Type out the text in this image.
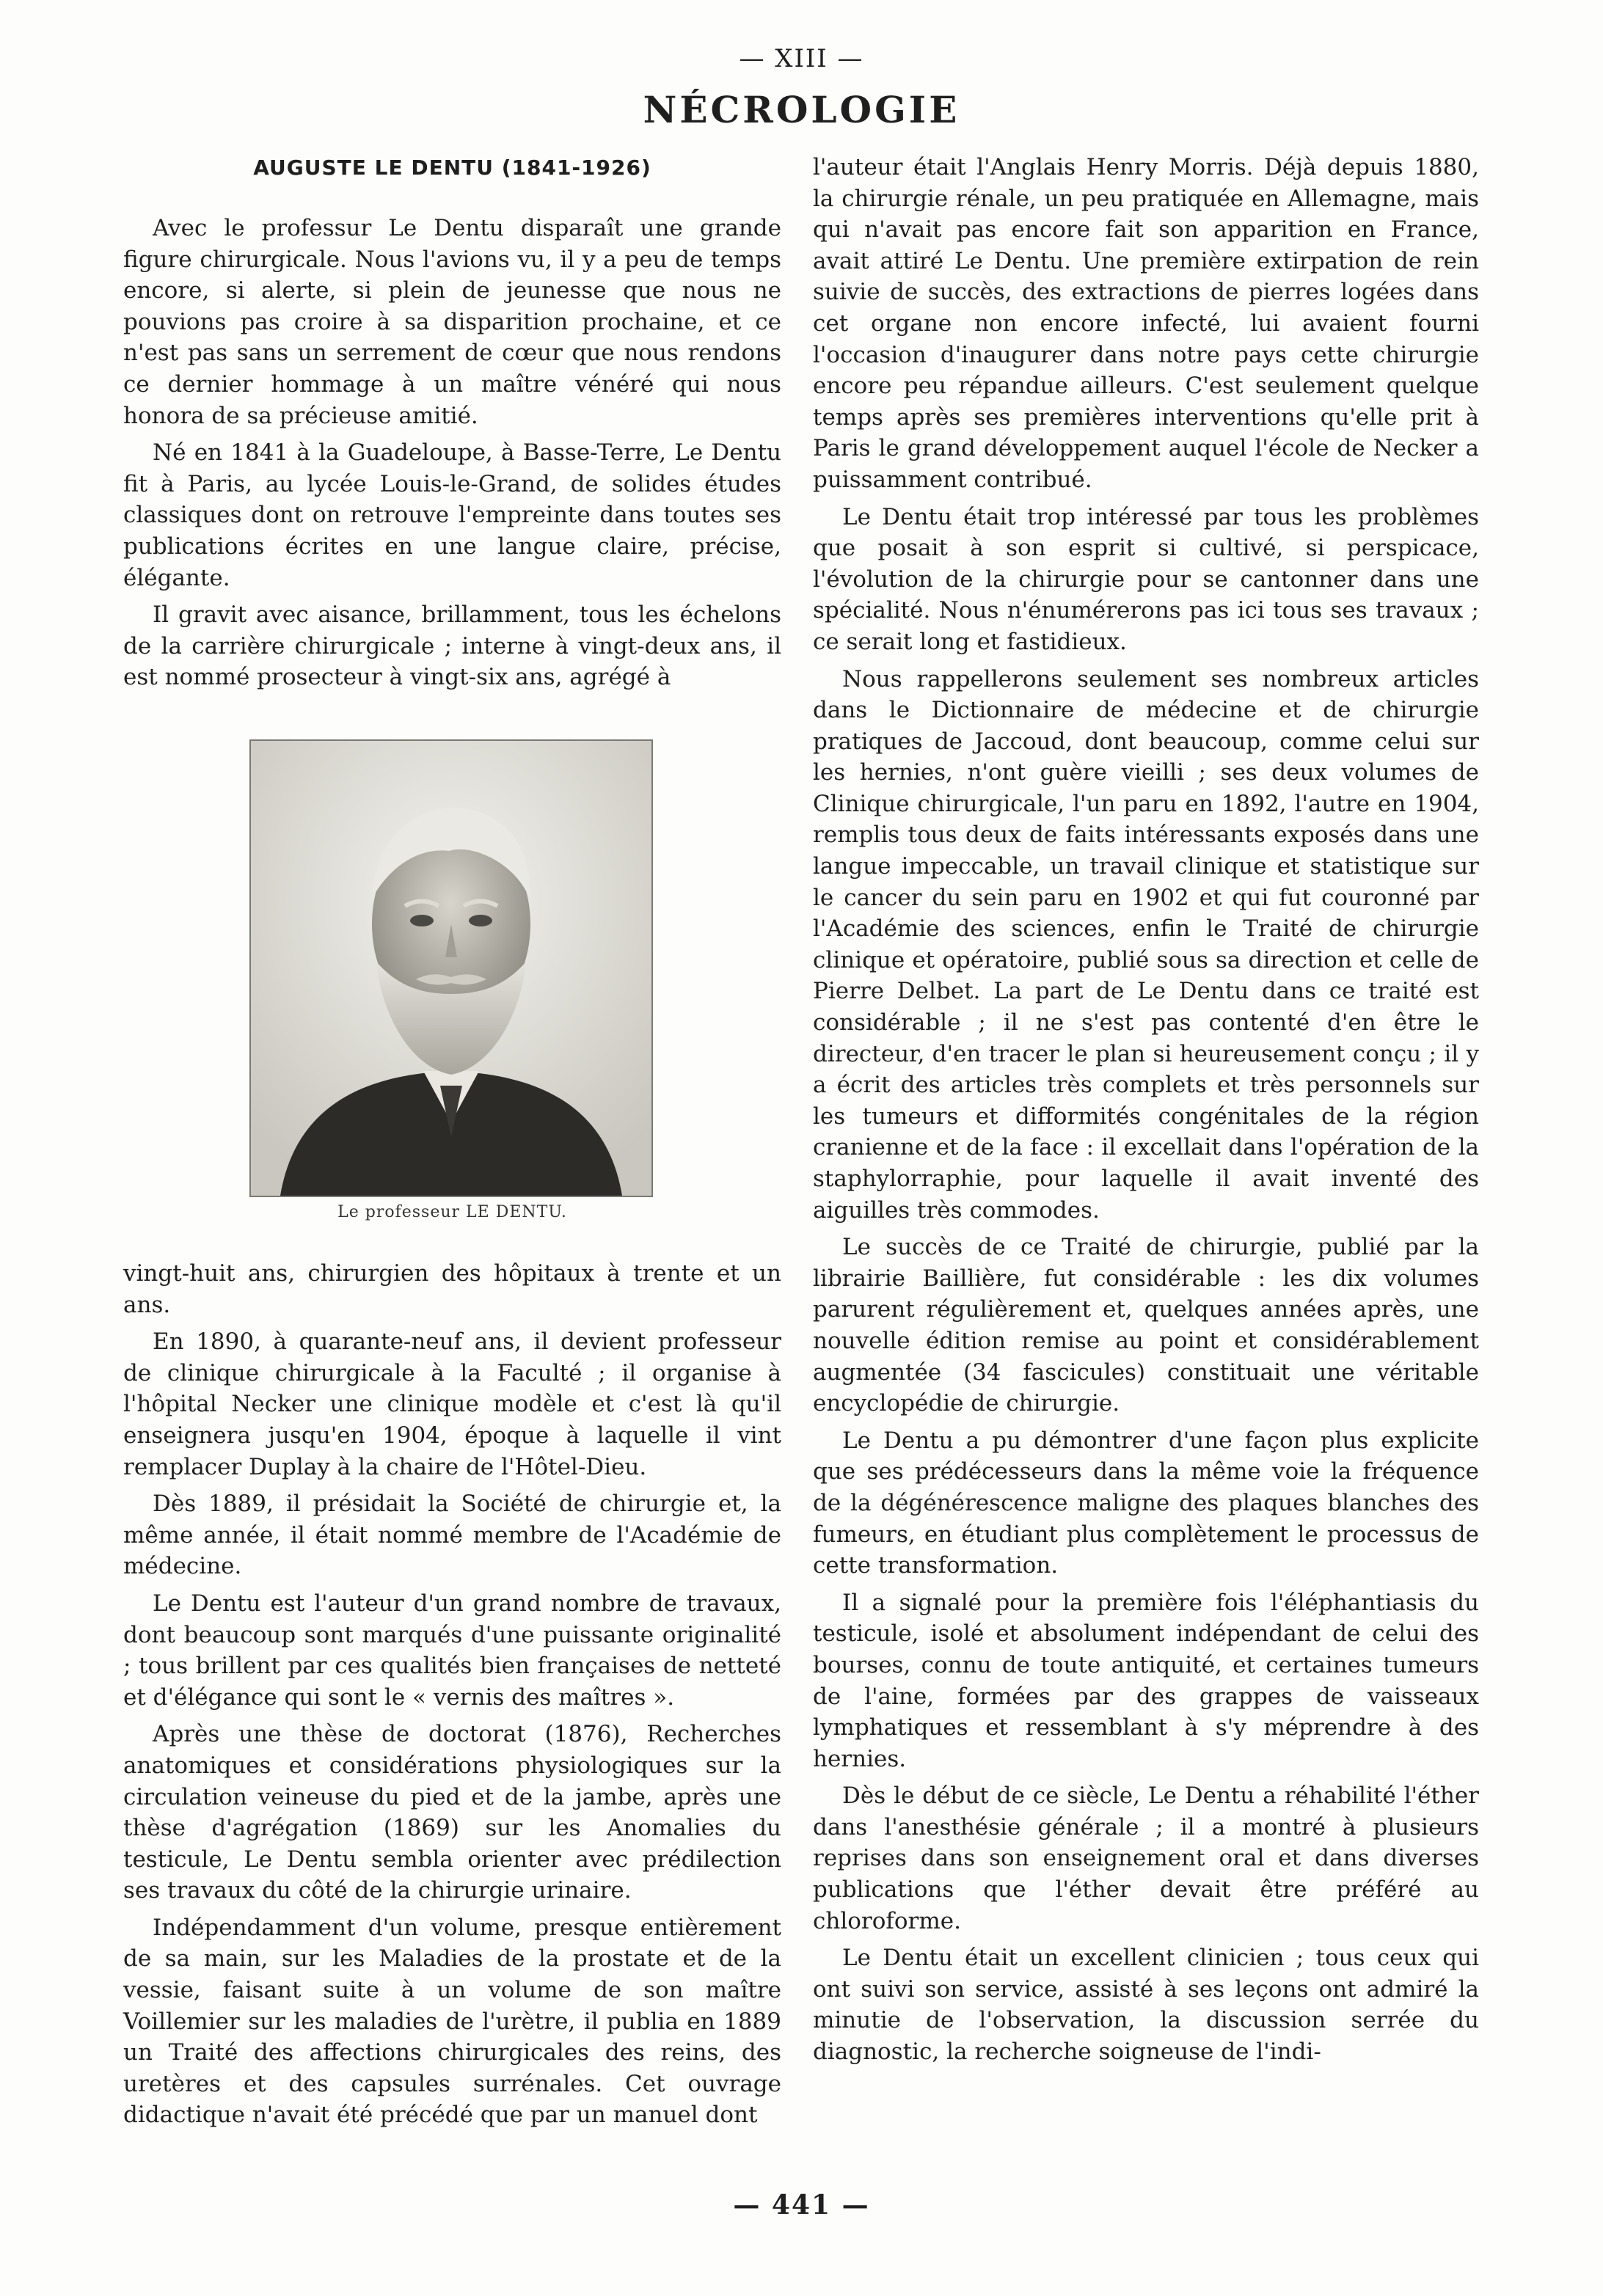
— XIII —
NÉCROLOGIE
AUGUSTE LE DENTU (1841-1926)

Avec le professur Le Dentu disparaît une grande figure chirurgicale. Nous l'avions vu, il y a peu de temps encore, si alerte, si plein de jeunesse que nous ne pouvions pas croire à sa disparition prochaine, et ce n'est pas sans un serrement de cœur que nous rendons ce dernier hommage à un maître vénéré qui nous honora de sa précieuse amitié.

Né en 1841 à la Guadeloupe, à Basse-Terre, Le Dentu fit à Paris, au lycée Louis-le-Grand, de solides études classiques dont on retrouve l'empreinte dans toutes ses publications écrites en une langue claire, précise, élégante.

Il gravit avec aisance, brillamment, tous les échelons de la carrière chirurgicale ; interne à vingt-deux ans, il est nommé prosecteur à vingt-six ans, agrégé à

Le professeur LE DENTU.

vingt-huit ans, chirurgien des hôpitaux à trente et un ans.

En 1890, à quarante-neuf ans, il devient professeur de clinique chirurgicale à la Faculté ; il organise à l'hôpital Necker une clinique modèle et c'est là qu'il enseignera jusqu'en 1904, époque à laquelle il vint remplacer Duplay à la chaire de l'Hôtel-Dieu.

Dès 1889, il présidait la Société de chirurgie et, la même année, il était nommé membre de l'Académie de médecine.

Le Dentu est l'auteur d'un grand nombre de travaux, dont beaucoup sont marqués d'une puissante originalité ; tous brillent par ces qualités bien françaises de netteté et d'élégance qui sont le « vernis des maîtres ».

Après une thèse de doctorat (1876), Recherches anatomiques et considérations physiologiques sur la circulation veineuse du pied et de la jambe, après une thèse d'agrégation (1869) sur les Anomalies du testicule, Le Dentu sembla orienter avec prédilection ses travaux du côté de la chirurgie urinaire.

Indépendamment d'un volume, presque entièrement de sa main, sur les Maladies de la prostate et de la vessie, faisant suite à un volume de son maître Voillemier sur les maladies de l'urètre, il publia en 1889 un Traité des affections chirurgicales des reins, des uretères et des capsules surrénales. Cet ouvrage didactique n'avait été précédé que par un manuel dont

l'auteur était l'Anglais Henry Morris. Déjà depuis 1880, la chirurgie rénale, un peu pratiquée en Allemagne, mais qui n'avait pas encore fait son apparition en France, avait attiré Le Dentu. Une première extirpation de rein suivie de succès, des extractions de pierres logées dans cet organe non encore infecté, lui avaient fourni l'occasion d'inaugurer dans notre pays cette chirurgie encore peu répandue ailleurs. C'est seulement quelque temps après ses premières interventions qu'elle prit à Paris le grand développement auquel l'école de Necker a puissamment contribué.

Le Dentu était trop intéressé par tous les problèmes que posait à son esprit si cultivé, si perspicace, l'évolution de la chirurgie pour se cantonner dans une spécialité. Nous n'énumérerons pas ici tous ses travaux ; ce serait long et fastidieux.

Nous rappellerons seulement ses nombreux articles dans le Dictionnaire de médecine et de chirurgie pratiques de Jaccoud, dont beaucoup, comme celui sur les hernies, n'ont guère vieilli ; ses deux volumes de Clinique chirurgicale, l'un paru en 1892, l'autre en 1904, remplis tous deux de faits intéressants exposés dans une langue impeccable, un travail clinique et statistique sur le cancer du sein paru en 1902 et qui fut couronné par l'Académie des sciences, enfin le Traité de chirurgie clinique et opératoire, publié sous sa direction et celle de Pierre Delbet. La part de Le Dentu dans ce traité est considérable ; il ne s'est pas contenté d'en être le directeur, d'en tracer le plan si heureusement conçu ; il y a écrit des articles très complets et très personnels sur les tumeurs et difformités congénitales de la région cranienne et de la face : il excellait dans l'opération de la staphylorraphie, pour laquelle il avait inventé des aiguilles très commodes.

Le succès de ce Traité de chirurgie, publié par la librairie Baillière, fut considérable : les dix volumes parurent régulièrement et, quelques années après, une nouvelle édition remise au point et considérablement augmentée (34 fascicules) constituait une véritable encyclopédie de chirurgie.

Le Dentu a pu démontrer d'une façon plus explicite que ses prédécesseurs dans la même voie la fréquence de la dégénérescence maligne des plaques blanches des fumeurs, en étudiant plus complètement le processus de cette transformation.

Il a signalé pour la première fois l'éléphantiasis du testicule, isolé et absolument indépendant de celui des bourses, connu de toute antiquité, et certaines tumeurs de l'aine, formées par des grappes de vaisseaux lymphatiques et ressemblant à s'y méprendre à des hernies.

Dès le début de ce siècle, Le Dentu a réhabilité l'éther dans l'anesthésie générale ; il a montré à plusieurs reprises dans son enseignement oral et dans diverses publications que l'éther devait être préféré au chloroforme.

Le Dentu était un excellent clinicien ; tous ceux qui ont suivi son service, assisté à ses leçons ont admiré la minutie de l'observation, la discussion serrée du diagnostic, la recherche soigneuse de l'indi-

— 441 —
